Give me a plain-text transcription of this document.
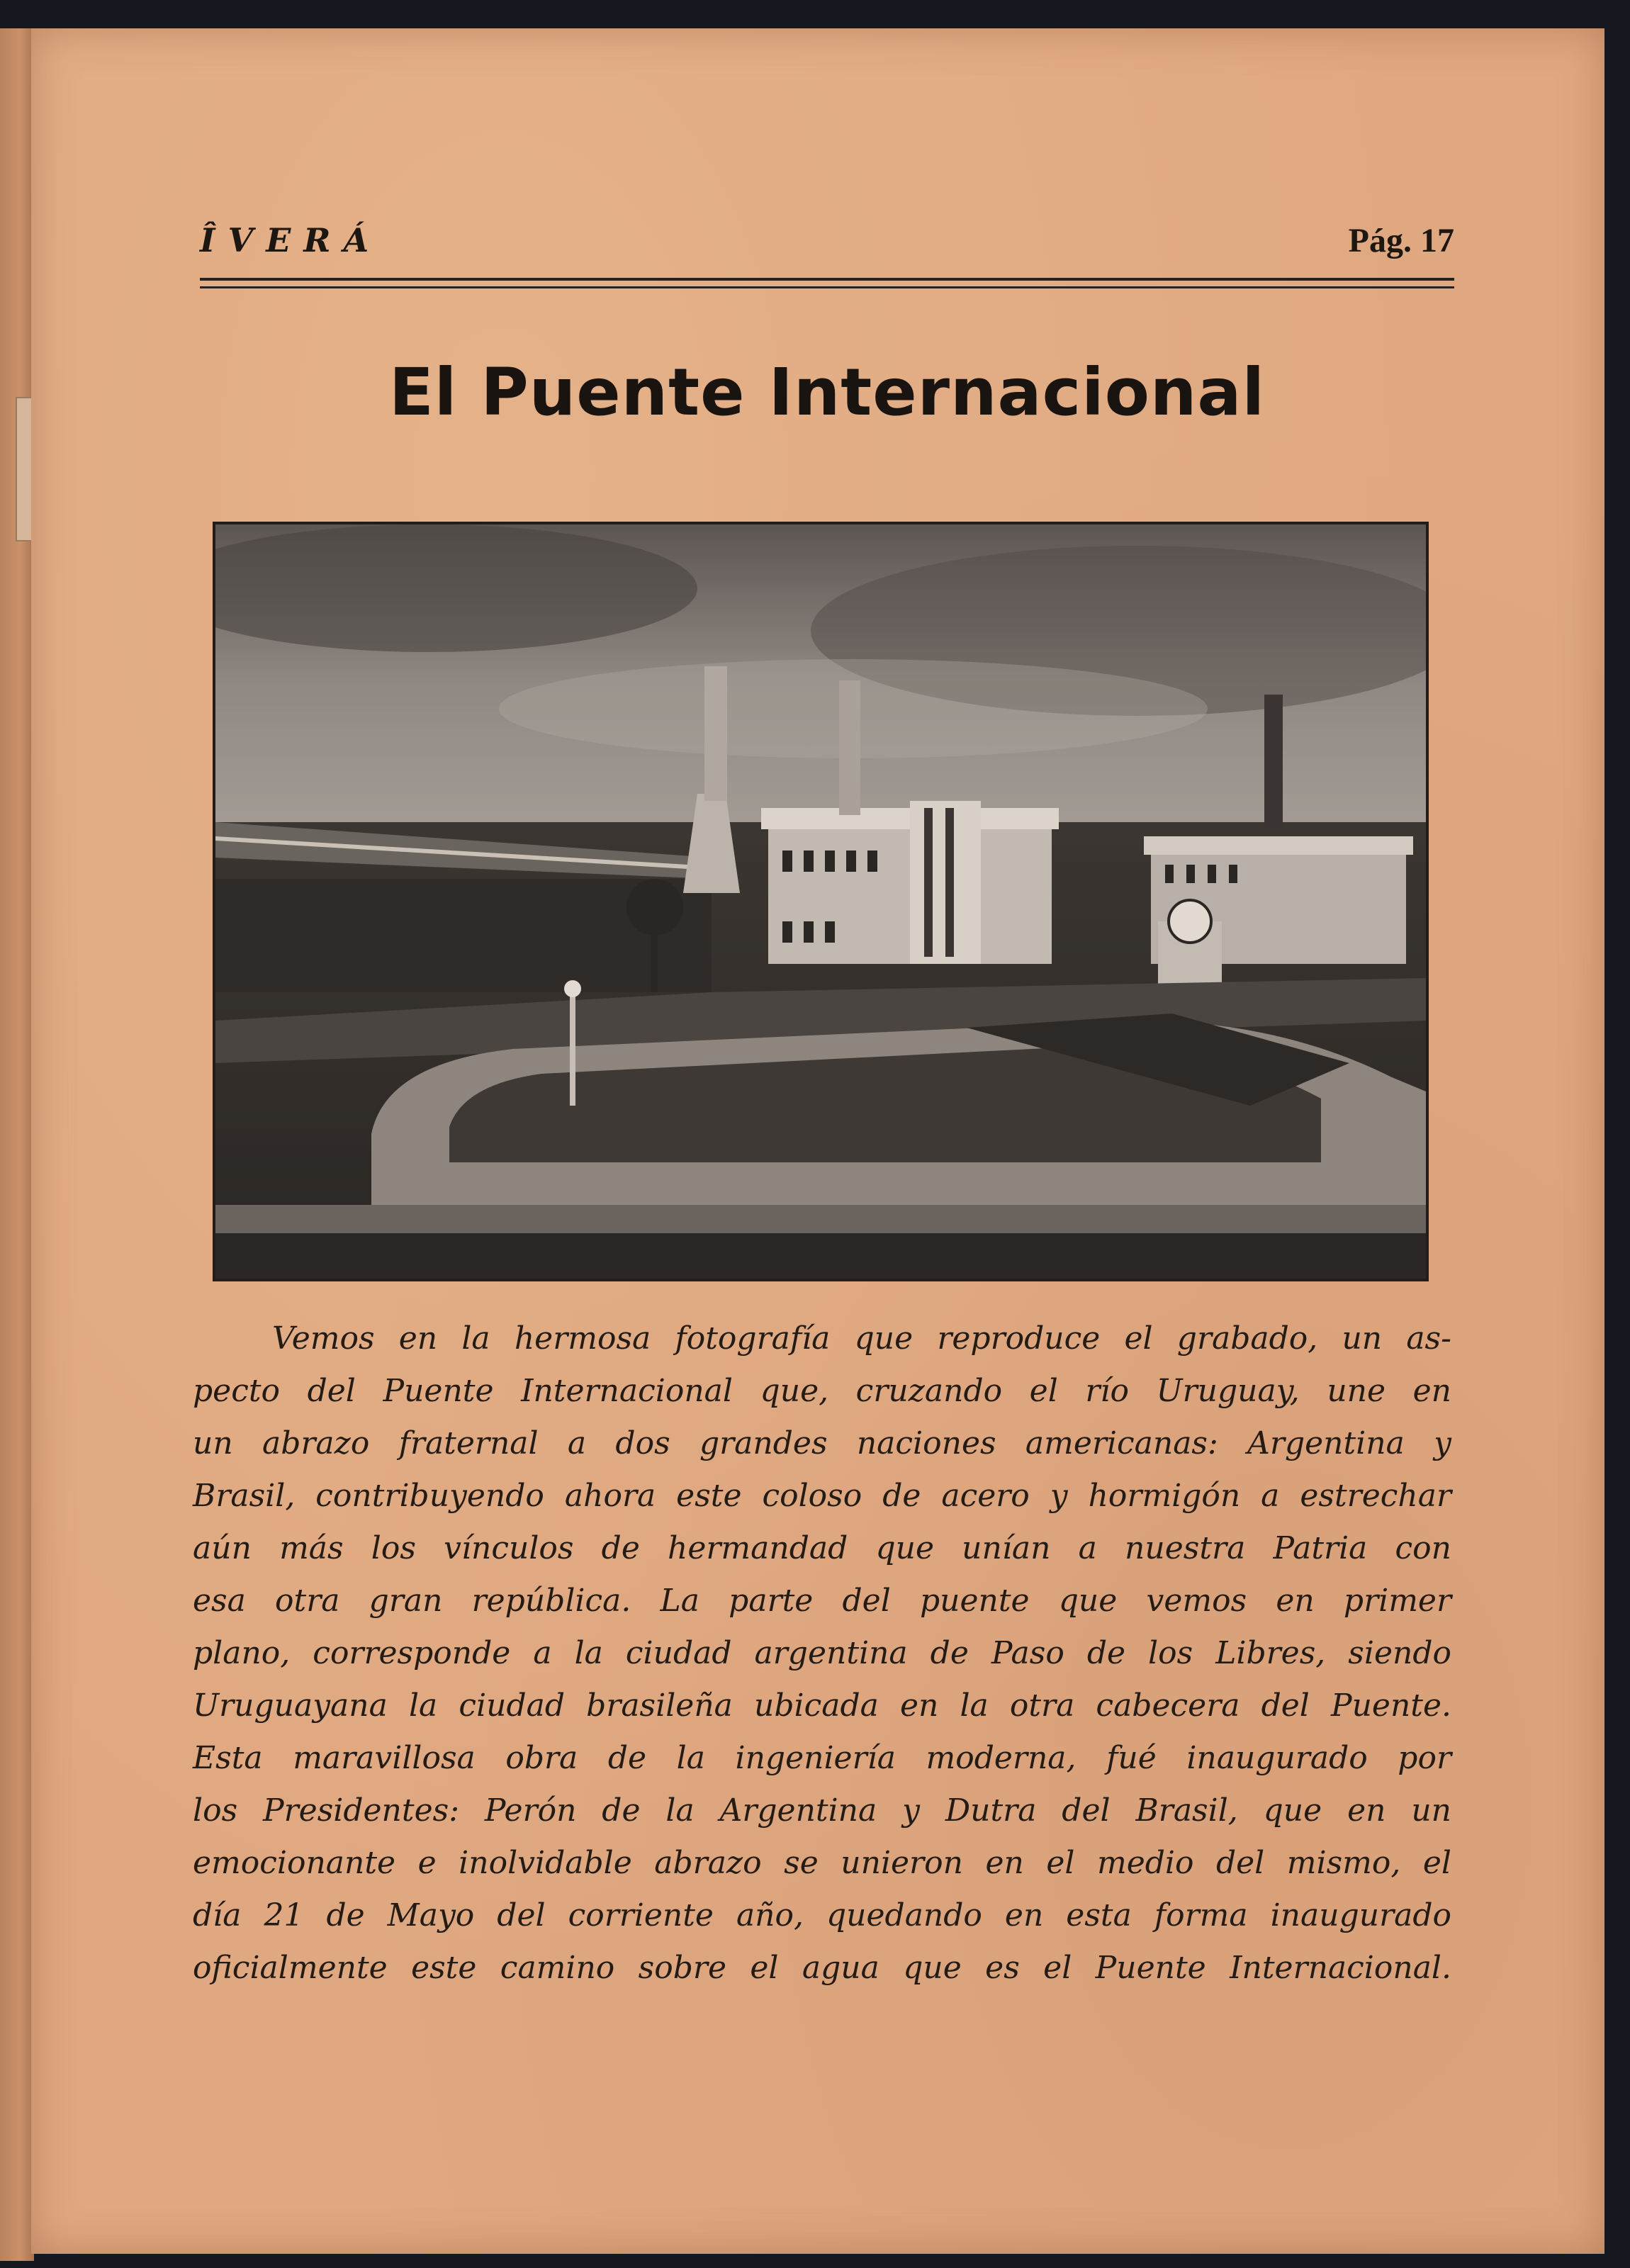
ÎVERÁ	Pág. 17
El Puente Internacional
Vemos en la hermosa fotografía que reproduce el grabado, un as-
pecto del Puente Internacional que, cruzando el río Uruguay, une en
un abrazo fraternal a dos grandes naciones americanas: Argentina y
Brasil, contribuyendo ahora este coloso de acero y hormigón a estrechar
aún más los vínculos de hermandad que unían a nuestra Patria con
esa otra gran república. La parte del puente que vemos en primer
plano, corresponde a la ciudad argentina de Paso de los Libres, siendo
Uruguayana la ciudad brasileña ubicada en la otra cabecera del Puente.
Esta maravillosa obra de la ingeniería moderna, fué inaugurado por
los Presidentes: Perón de la Argentina y Dutra del Brasil, que en un
emocionante e inolvidable abrazo se unieron en el medio del mismo, el
día 21 de Mayo del corriente año, quedando en esta forma inaugurado
oficialmente este camino sobre el agua que es el Puente Internacional.
